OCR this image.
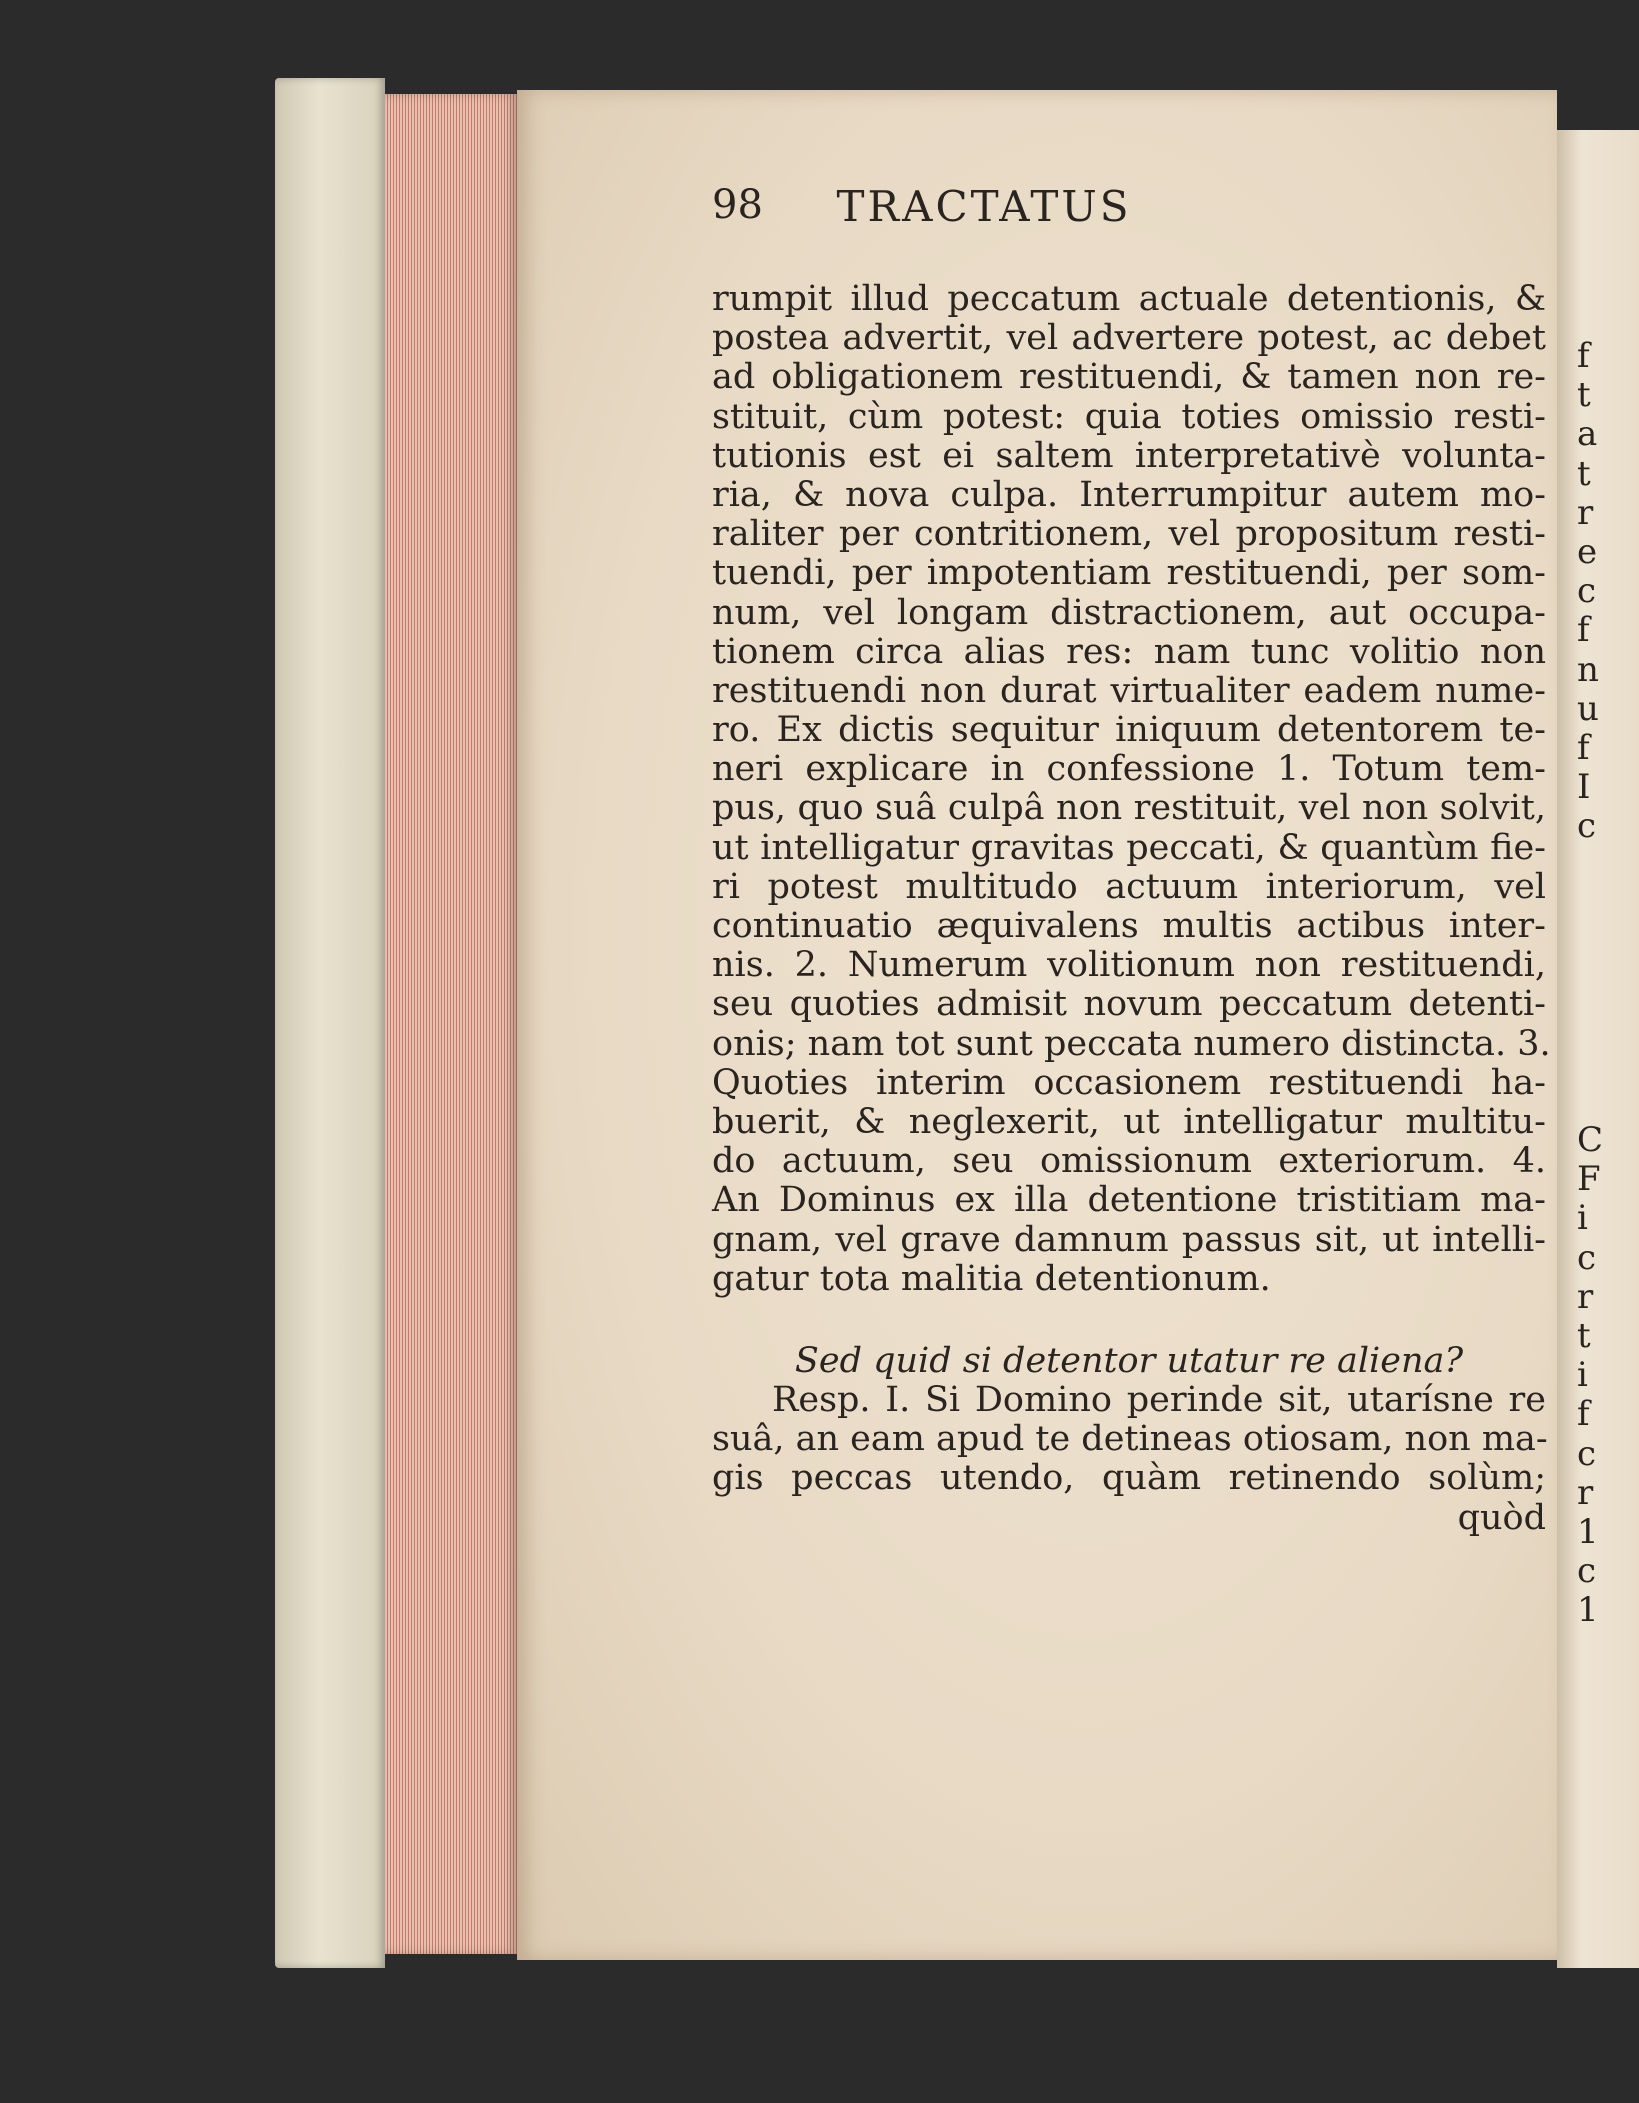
f
t
a
t
r
e
c
f
n
u
f
I
c
C
F
i
c
r
t
i
f
c
r
1
c
1
98 TRACTATUS
rumpit illud peccatum actuale detentionis, &
postea advertit, vel advertere potest, ac debet
ad obligationem restituendi, & tamen non re-
stituit, cùm potest: quia toties omissio resti-
tutionis est ei saltem interpretativè volunta-
ria, & nova culpa. Interrumpitur autem mo-
raliter per contritionem, vel propositum resti-
tuendi, per impotentiam restituendi, per som-
num, vel longam distractionem, aut occupa-
tionem circa alias res: nam tunc volitio non
restituendi non durat virtualiter eadem nume-
ro. Ex dictis sequitur iniquum detentorem te-
neri explicare in confessione 1. Totum tem-
pus, quo suâ culpâ non restituit, vel non solvit,
ut intelligatur gravitas peccati, & quantùm fie-
ri potest multitudo actuum interiorum, vel
continuatio æquivalens multis actibus inter-
nis. 2. Numerum volitionum non restituendi,
seu quoties admisit novum peccatum detenti-
onis; nam tot sunt peccata numero distincta. 3.
Quoties interim occasionem restituendi ha-
buerit, & neglexerit, ut intelligatur multitu-
do actuum, seu omissionum exteriorum. 4.
An Dominus ex illa detentione tristitiam ma-
gnam, vel grave damnum passus sit, ut intelli-
gatur tota malitia detentionum.
Sed quid si detentor utatur re aliena?
Resp. I. Si Domino perinde sit, utarísne re
suâ, an eam apud te detineas otiosam, non ma-
gis peccas utendo, quàm retinendo solùm;
quòd
